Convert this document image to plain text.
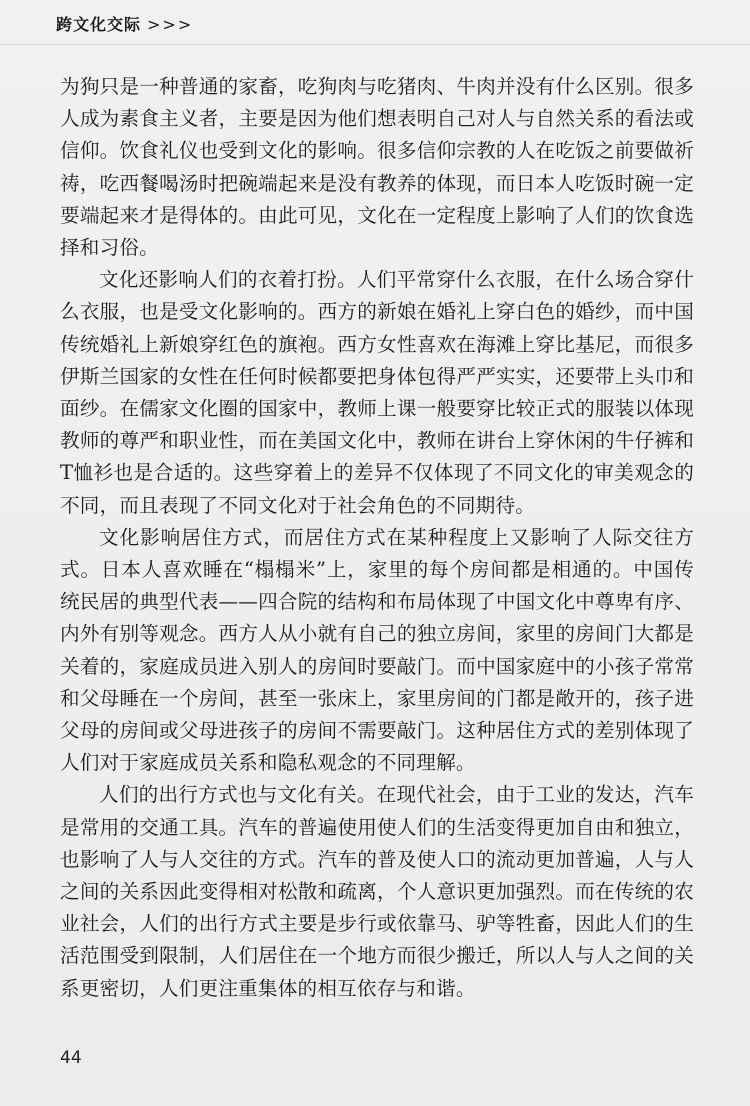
跨文化交际 >>>

为狗只是一种普通的家畜，吃狗肉与吃猪肉、牛肉并没有什么区别。很多人成为素食主义者，主要是因为他们想表明自己对人与自然关系的看法或信仰。饮食礼仪也受到文化的影响。很多信仰宗教的人在吃饭之前要做祈祷，吃西餐喝汤时把碗端起来是没有教养的体现，而日本人吃饭时碗一定要端起来才是得体的。由此可见，文化在一定程度上影响了人们的饮食选择和习俗。

文化还影响人们的衣着打扮。人们平常穿什么衣服，在什么场合穿什么衣服，也是受文化影响的。西方的新娘在婚礼上穿白色的婚纱，而中国传统婚礼上新娘穿红色的旗袍。西方女性喜欢在海滩上穿比基尼，而很多伊斯兰国家的女性在任何时候都要把身体包得严严实实，还要带上头巾和面纱。在儒家文化圈的国家中，教师上课一般要穿比较正式的服装以体现教师的尊严和职业性，而在美国文化中，教师在讲台上穿休闲的牛仔裤和T恤衫也是合适的。这些穿着上的差异不仅体现了不同文化的审美观念的不同，而且表现了不同文化对于社会角色的不同期待。

文化影响居住方式，而居住方式在某种程度上又影响了人际交往方式。日本人喜欢睡在“榻榻米”上，家里的每个房间都是相通的。中国传统民居的典型代表——四合院的结构和布局体现了中国文化中尊卑有序、内外有别等观念。西方人从小就有自己的独立房间，家里的房间门大都是关着的，家庭成员进入别人的房间时要敲门。而中国家庭中的小孩子常常和父母睡在一个房间，甚至一张床上，家里房间的门都是敞开的，孩子进父母的房间或父母进孩子的房间不需要敲门。这种居住方式的差别体现了人们对于家庭成员关系和隐私观念的不同理解。

人们的出行方式也与文化有关。在现代社会，由于工业的发达，汽车是常用的交通工具。汽车的普遍使用使人们的生活变得更加自由和独立，也影响了人与人交往的方式。汽车的普及使人口的流动更加普遍，人与人之间的关系因此变得相对松散和疏离，个人意识更加强烈。而在传统的农业社会，人们的出行方式主要是步行或依靠马、驴等牲畜，因此人们的生活范围受到限制，人们居住在一个地方而很少搬迁，所以人与人之间的关系更密切，人们更注重集体的相互依存与和谐。

44
